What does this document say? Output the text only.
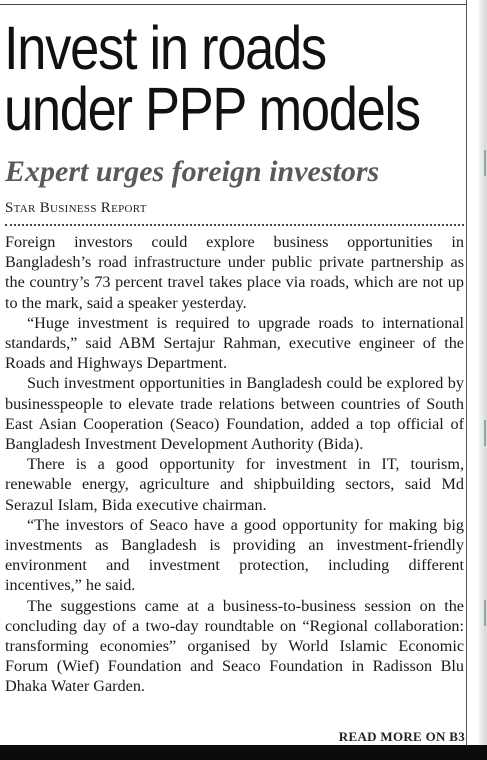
Invest in roads under PPP models
Expert urges foreign investors
Star Business Report

Foreign investors could explore business opportunities in Bangladesh’s road infrastructure under public private partnership as the country’s 73 percent travel takes place via roads, which are not up to the mark, said a speaker yesterday.

“Huge investment is required to upgrade roads to international standards,” said ABM Sertajur Rahman, executive engineer of the Roads and Highways Department.

Such investment opportunities in Bangladesh could be explored by businesspeople to elevate trade relations between countries of South East Asian Cooperation (Seaco) Foundation, added a top official of Bangladesh Investment Development Authority (Bida).

There is a good opportunity for investment in IT, tourism, renewable energy, agriculture and shipbuilding sectors, said Md Serazul Islam, Bida executive chairman.

“The investors of Seaco have a good opportunity for making big investments as Bangladesh is providing an investment-friendly environment and investment protection, including different incentives,” he said.

The suggestions came at a business-to-business session on the concluding day of a two-day roundtable on “Regional collaboration: transforming economies” organised by World Islamic Economic Forum (Wief) Foundation and Seaco Foundation in Radisson Blu Dhaka Water Garden.

READ MORE ON B3
